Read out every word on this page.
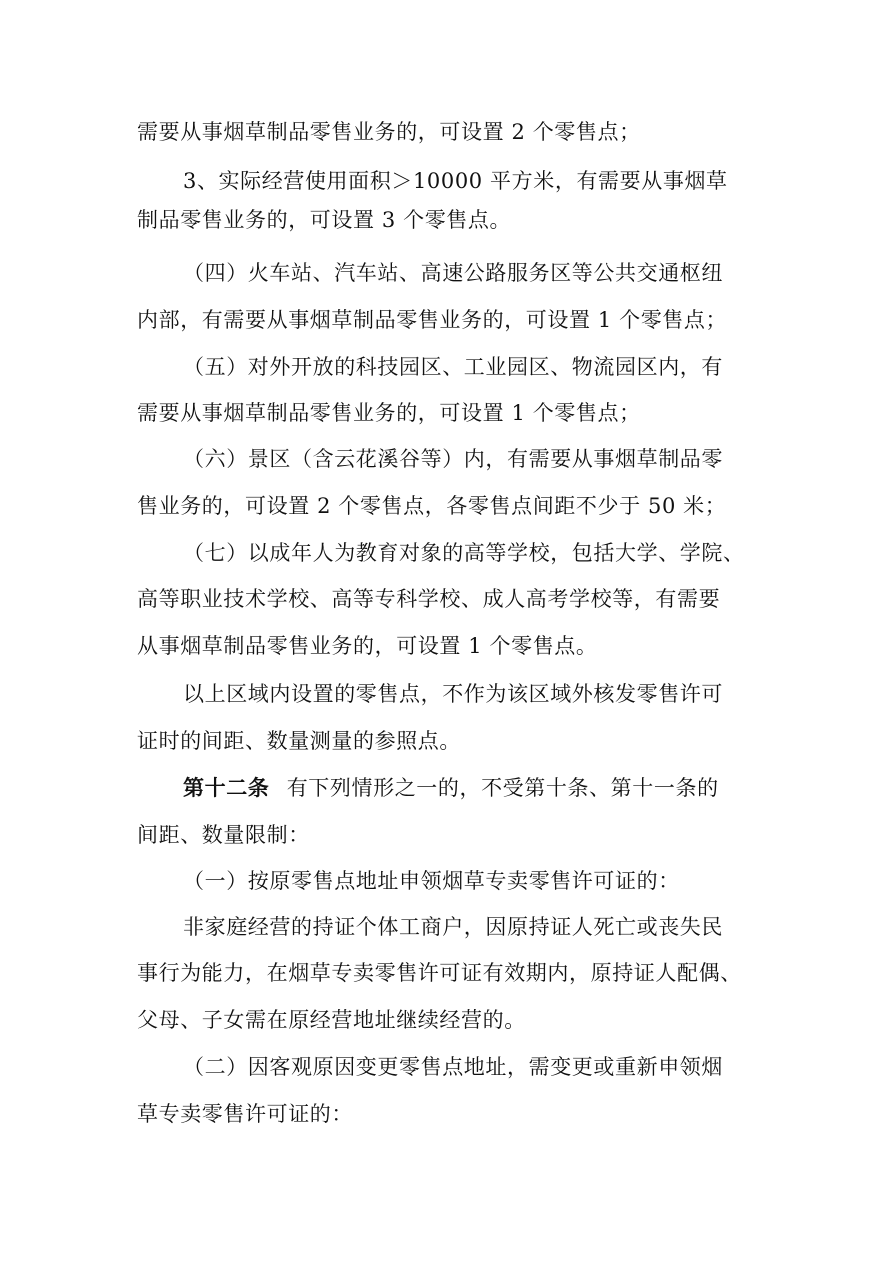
需要从事烟草制品零售业务的，可设置 2 个零售点；
3、实际经营使用面积＞10000 平方米，有需要从事烟草
制品零售业务的，可设置 3 个零售点。
（四）火车站、汽车站、高速公路服务区等公共交通枢纽
内部，有需要从事烟草制品零售业务的，可设置 1 个零售点；
（五）对外开放的科技园区、工业园区、物流园区内，有
需要从事烟草制品零售业务的，可设置 1 个零售点；
（六）景区（含云花溪谷等）内，有需要从事烟草制品零
售业务的，可设置 2 个零售点，各零售点间距不少于 50 米；
（七）以成年人为教育对象的高等学校，包括大学、学院、
高等职业技术学校、高等专科学校、成人高考学校等，有需要
从事烟草制品零售业务的，可设置 1 个零售点。
以上区域内设置的零售点，不作为该区域外核发零售许可
证时的间距、数量测量的参照点。
第十二条 有下列情形之一的，不受第十条、第十一条的
间距、数量限制：
（一）按原零售点地址申领烟草专卖零售许可证的：
非家庭经营的持证个体工商户，因原持证人死亡或丧失民
事行为能力，在烟草专卖零售许可证有效期内，原持证人配偶、
父母、子女需在原经营地址继续经营的。
（二）因客观原因变更零售点地址，需变更或重新申领烟
草专卖零售许可证的：
